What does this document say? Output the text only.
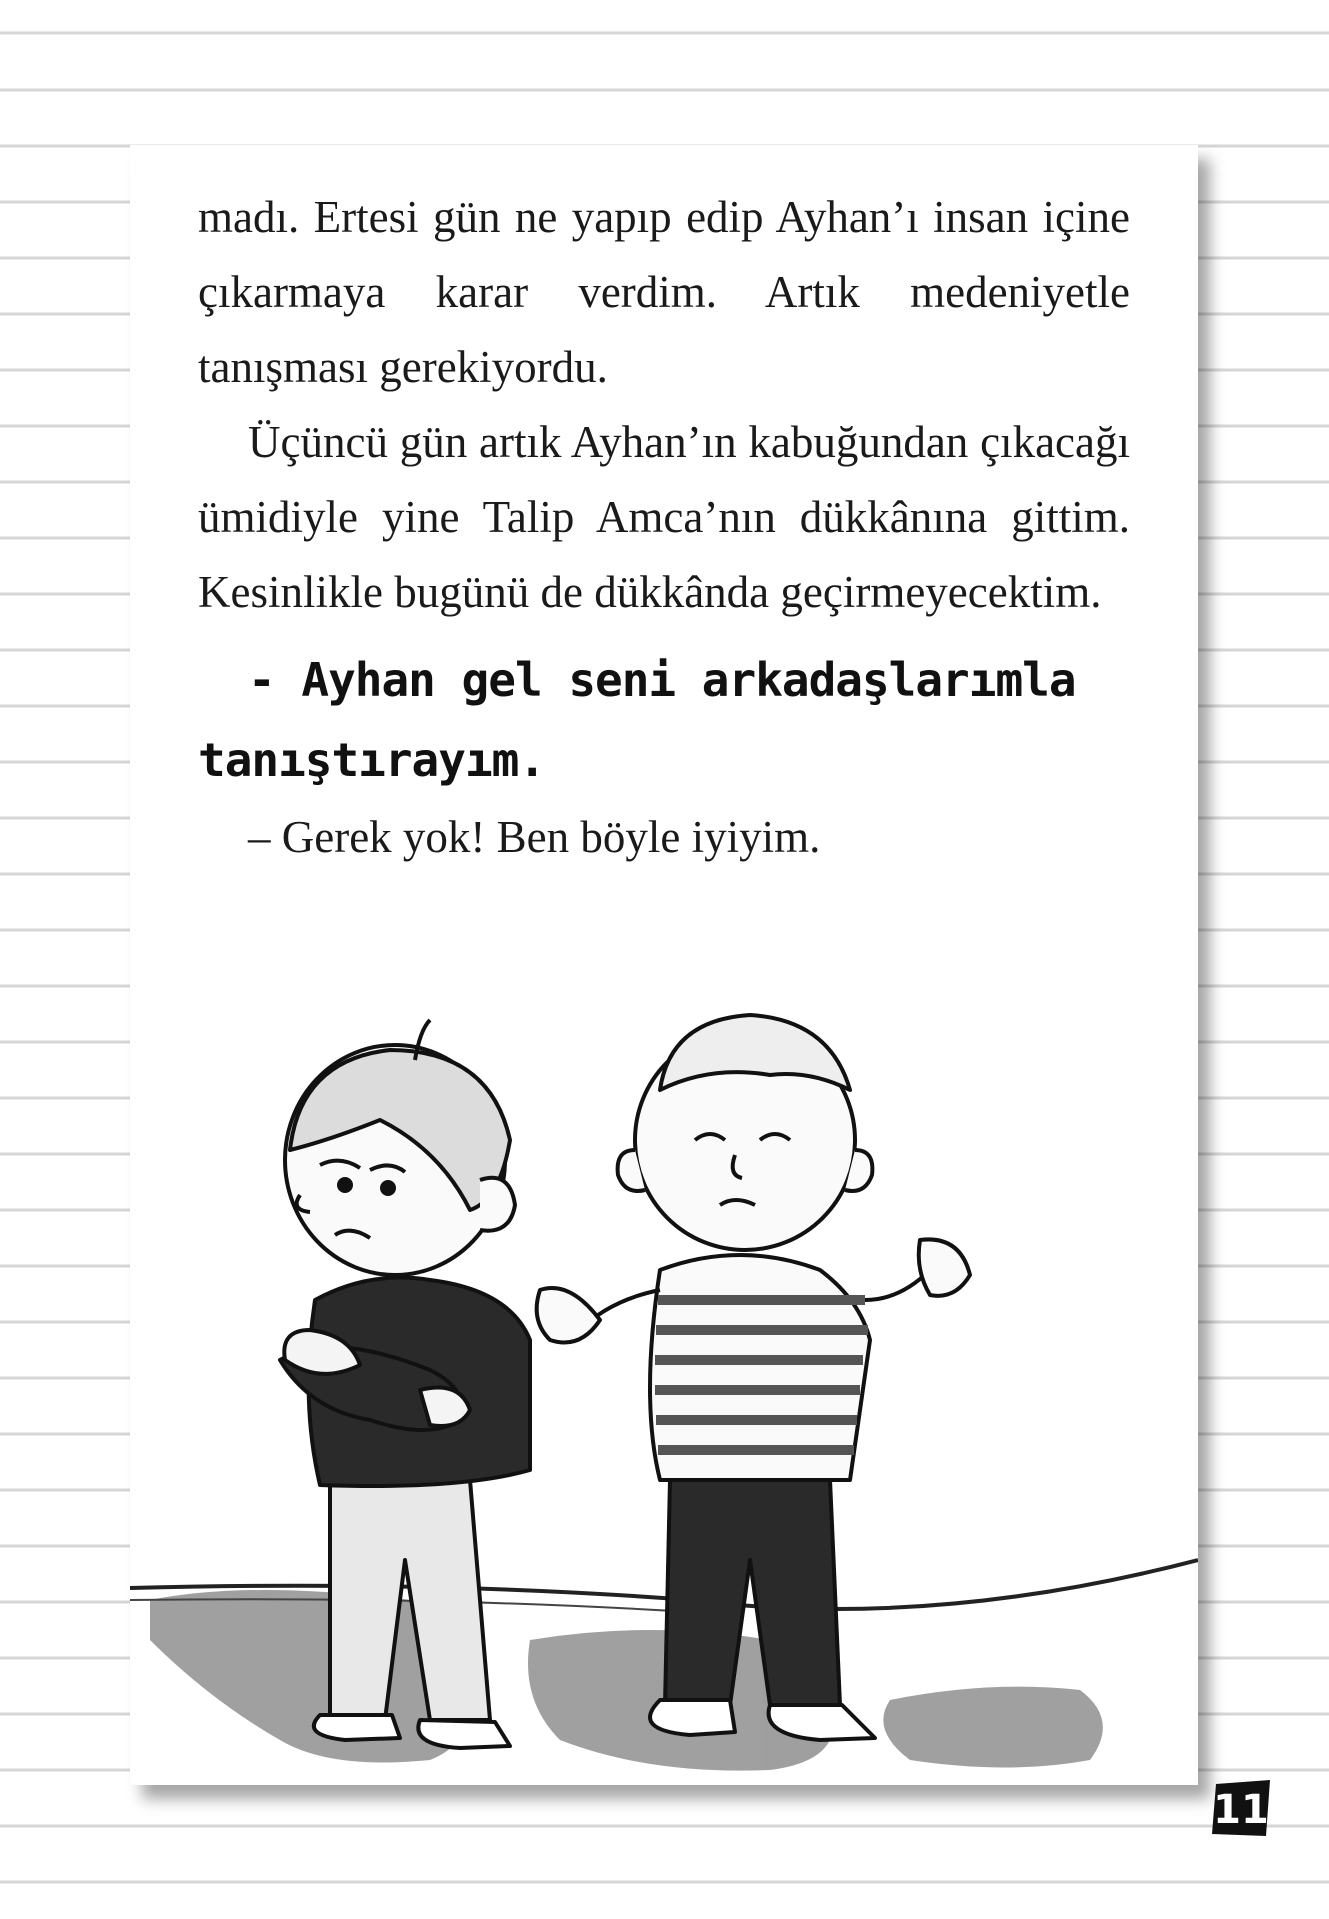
madı. Ertesi gün ne yapıp edip Ayhan’ı insan içine çıkarmaya karar verdim. Artık medeniyetle tanışması gerekiyordu.

Üçüncü gün artık Ayhan’ın kabuğundan çıkacağı ümidiyle yine Talip Amca’nın dükkânına gittim. Kesinlikle bugünü de dükkânda geçirmeyecektim.

- Ayhan gel seni arkadaşlarımla tanıştırayım.

– Gerek yok! Ben böyle iyiyim.

11
